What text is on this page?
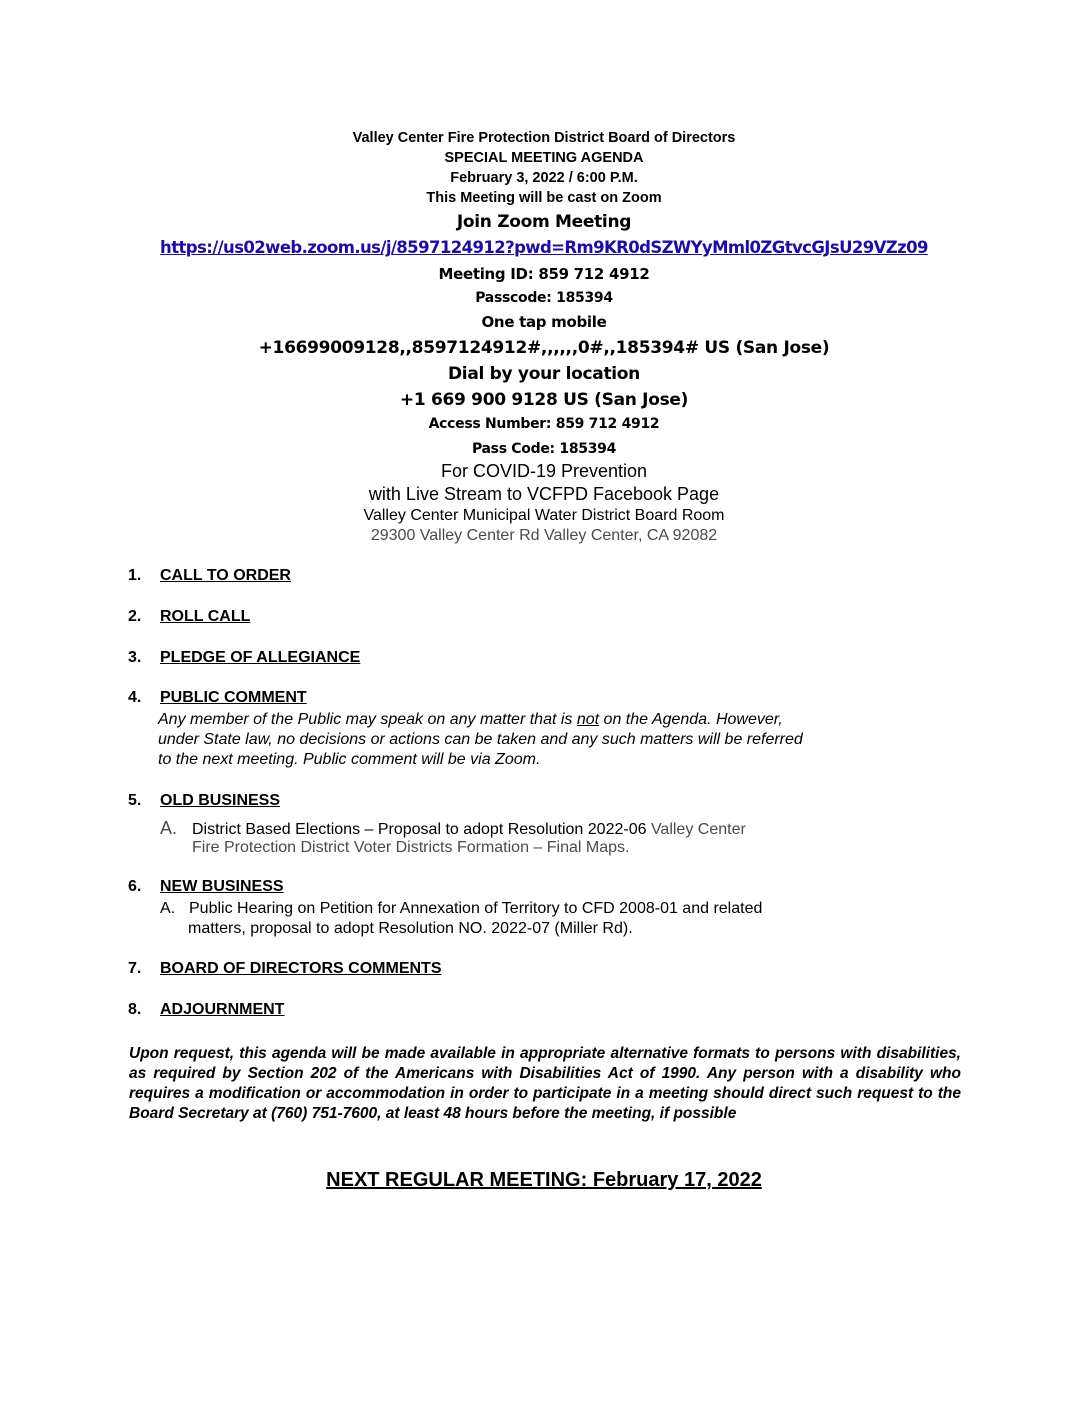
Valley Center Fire Protection District Board of Directors
SPECIAL MEETING AGENDA
February 3, 2022 / 6:00 P.M.
This Meeting will be cast on Zoom
Join Zoom Meeting
https://us02web.zoom.us/j/8597124912?pwd=Rm9KR0dSZWYyMml0ZGtvcGJsU29VZz09
Meeting ID: 859 712 4912
Passcode: 185394
One tap mobile
+16699009128,,8597124912#,,,,,,0#,,185394# US (San Jose)
Dial by your location
+1 669 900 9128 US (San Jose)
Access Number: 859 712 4912
Pass Code: 185394
For COVID-19 Prevention
with Live Stream to VCFPD Facebook Page
Valley Center Municipal Water District Board Room
29300 Valley Center Rd Valley Center, CA 92082
1. CALL TO ORDER
2. ROLL CALL
3. PLEDGE OF ALLEGIANCE
4. PUBLIC COMMENT
Any member of the Public may speak on any matter that is not on the Agenda. However,
under State law, no decisions or actions can be taken and any such matters will be referred
to the next meeting. Public comment will be via Zoom.
5. OLD BUSINESS
A. District Based Elections – Proposal to adopt Resolution 2022-06 Valley Center
Fire Protection District Voter Districts Formation – Final Maps.
6. NEW BUSINESS
A. Public Hearing on Petition for Annexation of Territory to CFD 2008-01 and related
matters, proposal to adopt Resolution NO. 2022-07 (Miller Rd).
7. BOARD OF DIRECTORS COMMENTS
8. ADJOURNMENT
Upon request, this agenda will be made available in appropriate alternative formats to persons with disabilities, as required by Section 202 of the Americans with Disabilities Act of 1990. Any person with a disability who requires a modification or accommodation in order to participate in a meeting should direct such request to the Board Secretary at (760) 751-7600, at least 48 hours before the meeting, if possible
NEXT REGULAR MEETING: February 17, 2022
